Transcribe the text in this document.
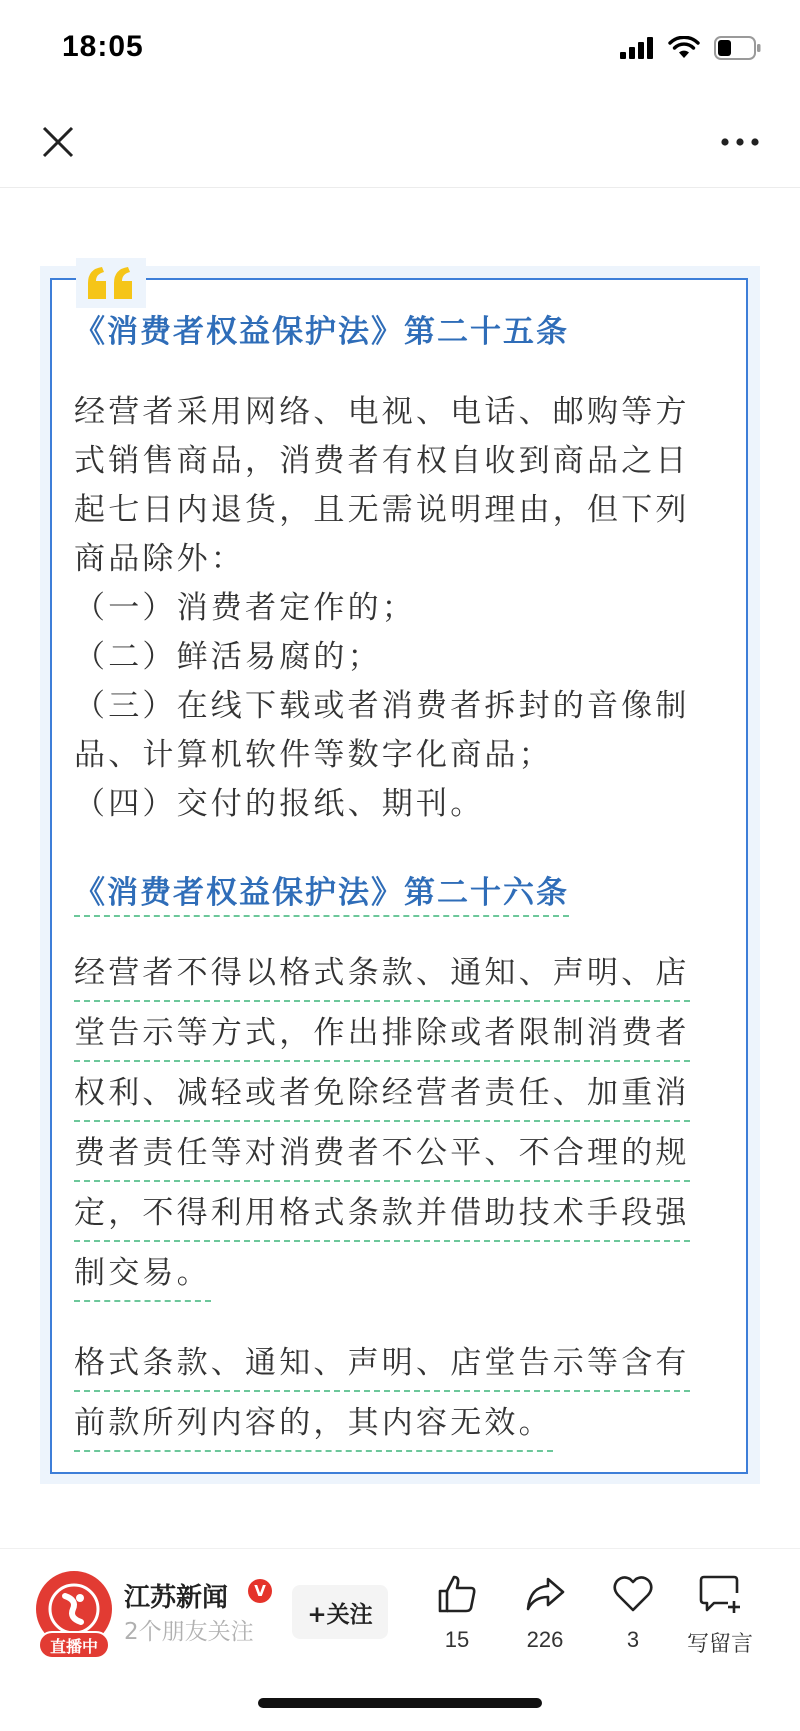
18:05
《消费者权益保护法》第二十五条
经营者采用网络、电视、电话、邮购等方
式销售商品，消费者有权自收到商品之日
起七日内退货，且无需说明理由，但下列
商品除外：
（一）消费者定作的；
（二）鲜活易腐的；
（三）在线下载或者消费者拆封的音像制
品、计算机软件等数字化商品；
（四）交付的报纸、期刊。
《消费者权益保护法》第二十六条
经营者不得以格式条款、通知、声明、店
堂告示等方式，作出排除或者限制消费者
权利、减轻或者免除经营者责任、加重消
费者责任等对消费者不公平、不合理的规
定，不得利用格式条款并借助技术手段强
制交易。
格式条款、通知、声明、店堂告示等含有
前款所列内容的，其内容无效。
直播中
江苏新闻	V
2个朋友关注
+关注
15	226	3	写留言
